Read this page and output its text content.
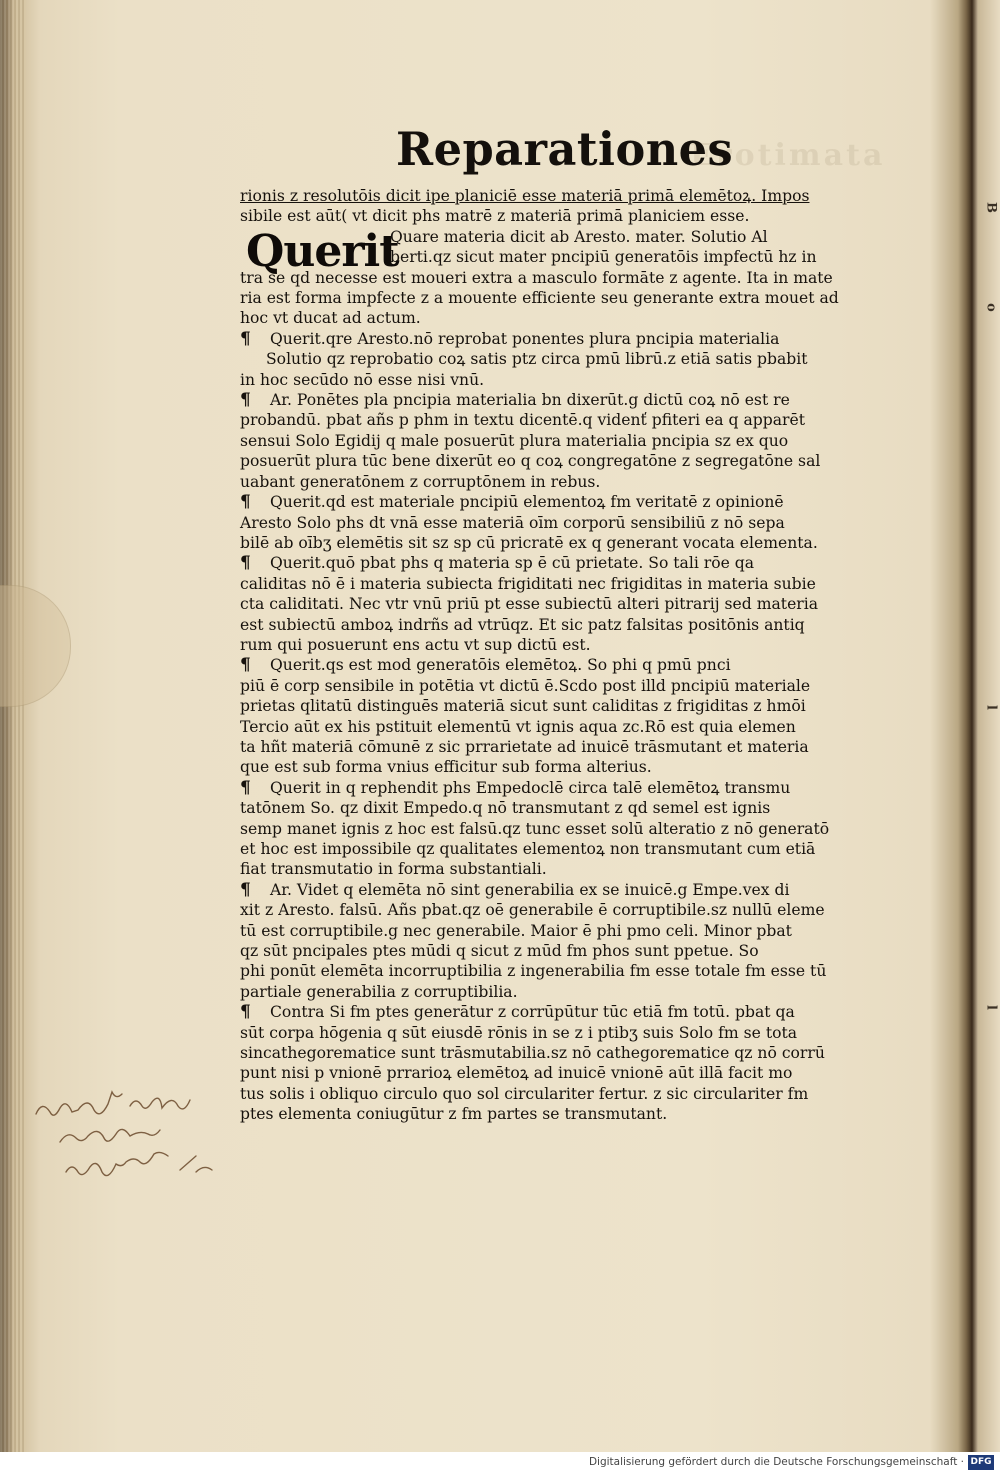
B
o
l
l
Erotimata
Reparationes
Querit
rionis z resolutōis dicit ipe planiciē esse materiā primā elemētoꝝ. Impos
sibile est aūt( vt dicit phs matrē z materiā primā planiciem esse.
Quare materia dicit ab Aresto. mater. Solutio Al
berti.qz sicut mater pncipiū generatōis impfectū hz in
tra se qd necesse est moueri extra a masculo formāte z agente. Ita in mate
ria est forma impfecte z a mouente efficiente seu generante extra mouet ad
hoc vt ducat ad actum.
¶ Querit.qre Aresto.nō reprobat ponentes plura pncipia materialia
Solutio qz reprobatio coꝝ satis ptz circa pmū librū.z etiā satis pbabit
in hoc secūdo nō esse nisi vnū.
¶ Ar. Ponētes pla pncipia materialia bn dixerūt.g dictū coꝝ nō est re
probandū. pbat añs p phm in textu dicentē.q videnť pfiteri ea q apparēt
sensui Solo Egidij q male posuerūt plura materialia pncipia sz ex quo
posuerūt plura tūc bene dixerūt eo q coꝝ congregatōne z segregatōne sal
uabant generatōnem z corruptōnem in rebus.
¶ Querit.qd est materiale pncipiū elementoꝝ fm veritatē z opinionē
Aresto Solo phs dt vnā esse materiā oīm corporū sensibiliū z nō sepa
bilē ab oībʒ elemētis sit sz sp cū pricratē ex q generant vocata elementa.
¶ Querit.quō pbat phs q materia sp ē cū prietate. So tali rōe qa
caliditas nō ē i materia subiecta frigiditati nec frigiditas in materia subie
cta caliditati. Nec vtr vnū priū pt esse subiectū alteri pitrarij sed materia
est subiectū amboꝝ indrñs ad vtrūqz. Et sic patz falsitas positōnis antiq
rum qui posuerunt ens actu vt sup dictū est.
¶ Querit.qs est mod generatōis elemētoꝝ. So phi q pmū pnci
piū ē corp sensibile in potētia vt dictū ē.Scdo post illd pncipiū materiale
prietas qlitatū distinguēs materiā sicut sunt caliditas z frigiditas z hmōi
Tercio aūt ex his pstituit elementū vt ignis aqua zc.Rō est quia elemen
ta hñt materiā cōmunē z sic prrarietate ad inuicē trāsmutant et materia
que est sub forma vnius efficitur sub forma alterius.
¶ Querit in q rephendit phs Empedoclē circa talē elemētoꝝ transmu
tatōnem So. qz dixit Empedo.q nō transmutant z qd semel est ignis
semp manet ignis z hoc est falsū.qz tunc esset solū alteratio z nō generatō
et hoc est impossibile qz qualitates elementoꝝ non transmutant cum etiā
fiat transmutatio in forma substantiali.
¶ Ar. Videt q elemēta nō sint generabilia ex se inuicē.g Empe.vex di
xit z Aresto. falsū. Añs pbat.qz oē generabile ē corruptibile.sz nullū eleme
tū est corruptibile.g nec generabile. Maior ē phi pmo celi. Minor pbat
qz sūt pncipales ptes mūdi q sicut z mūd fm phos sunt ppetue. So
phi ponūt elemēta incorruptibilia z ingenerabilia fm esse totale fm esse tū
partiale generabilia z corruptibilia.
¶ Contra Si fm ptes generātur z corrūpūtur tūc etiā fm totū. pbat qa
sūt corpa hōgenia q sūt eiusdē rōnis in se z i ptibʒ suis Solo fm se tota
sincathegorematice sunt trāsmutabilia.sz nō cathegorematice qz nō corrū
punt nisi p vnionē prrarioꝝ elemētoꝝ ad inuicē vnionē aūt illā facit mo
tus solis i obliquo circulo quo sol circulariter fertur. z sic circulariter fm
ptes elementa coniugūtur z fm partes se transmutant.
Digitalisierung gefördert durch die Deutsche Forschungsgemeinschaft · DFG
